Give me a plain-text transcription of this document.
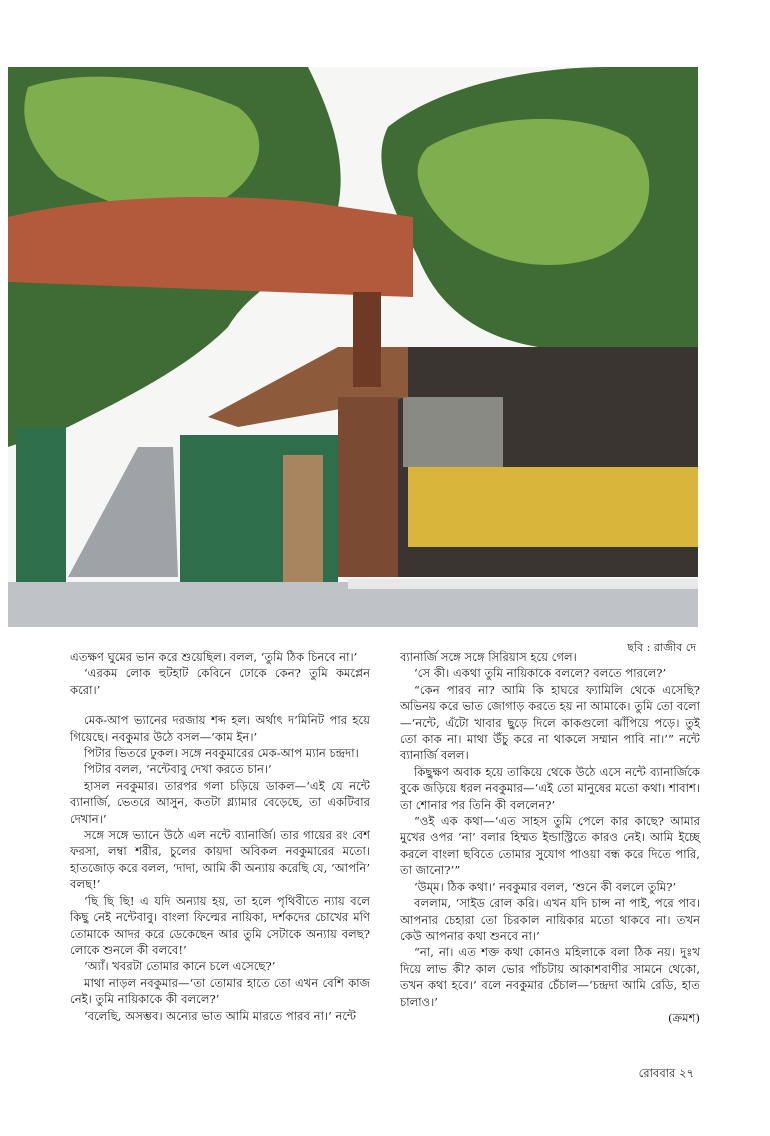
ছবি : রাজীব দে

এতক্ষণ ঘুমের ভান করে শুয়েছিল। বলল, ‘তুমি ঠিক চিনবে না।’

‘এরকম লোক হুটহাট কেবিনে ঢোকে কেন? তুমি কমপ্লেন করো।’

মেক-আপ ভ্যানের দরজায় শব্দ হল। অর্থাৎ দ’মিনিট পার হয়ে গিয়েছে। নবকুমার উঠে বসল—‘কাম ইন।’

পিটার ভিতরে ঢুকল। সঙ্গে নবকুমারের মেক-আপ ম্যান চন্দ্রদা।

পিটার বলল, ‘নন্টেবাবু দেখা করতে চান।’

হাসল নবকুমার। তারপর গলা চড়িয়ে ডাকল—‘এই যে নন্টে ব্যানার্জি, ভেতরে আসুন, কতটা গ্ল্যামার বেড়েছে, তা একটিবার দেখান।’

সঙ্গে সঙ্গে ভ্যানে উঠে এল নন্টে ব্যানার্জি। তার গায়ের রং বেশ ফরসা, লম্বা শরীর, চুলের কায়দা অবিকল নবকুমারের মতো। হাতজোড় করে বলল, ‘দাদা, আমি কী অন্যায় করেছি যে, ‘আপনি’ বলছ!’

‘ছি ছি ছি! এ যদি অন্যায় হয়, তা হলে পৃথিবীতে ন্যায় বলে কিছু নেই নন্টেবাবু। বাংলা ফিল্মের নায়িকা, দর্শকদের চোখের মণি তোমাকে আদর করে ডেকেছেন আর তুমি সেটাকে অন্যায় বলছ? লোকে শুনলে কী বলবে!’

‘অ্যাঁ। খবরটা তোমার কানে চলে এসেছে?’

মাথা নাড়ল নবকুমার—‘তা তোমার হাতে তো এখন বেশি কাজ নেই। তুমি নায়িকাকে কী বললে?’

‘বলেছি, অসম্ভব। অন্যের ভাত আমি মারতে পারব না।’ নন্টে

ব্যানার্জি সঙ্গে সঙ্গে সিরিয়াস হয়ে গেল।

‘সে কী। একথা তুমি নায়িকাকে বললে? বলতে পারলে?’

“কেন পারব না? আমি কি হাঘরে ফ্যামিলি থেকে এসেছি? অভিনয় করে ভাত জোগাড় করতে হয় না আমাকে। তুমি তো বলো—‘নন্টে, এঁটো খাবার ছুড়ে দিলে কাকগুলো ঝাঁপিয়ে পড়ে। তুই তো কাক না। মাথা উঁচু করে না থাকলে সম্মান পাবি না।’” নন্টে ব্যানার্জি বলল।

কিছুক্ষণ অবাক হয়ে তাকিয়ে থেকে উঠে এসে নন্টে ব্যানার্জিকে বুকে জড়িয়ে ধরল নবকুমার—‘এই তো মানুষের মতো কথা। শাবাশ। তা শোনার পর তিনি কী বললেন?’

“ওই এক কথা—‘এত সাহস তুমি পেলে কার কাছে? আমার মুখের ওপর ‘না’ বলার হিম্মত ইন্ডাস্ট্রিতে কারও নেই। আমি ইচ্ছে করলে বাংলা ছবিতে তোমার সুযোগ পাওয়া বন্ধ করে দিতে পারি, তা জানো?’”

‘উম্‌ম। ঠিক কথা।’ নবকুমার বলল, ‘শুনে কী বললে তুমি?’

বললাম, ‘সাইড রোল করি। এখন যদি চান্স না পাই, পরে পাব। আপনার চেহারা তো চিরকাল নায়িকার মতো থাকবে না। তখন কেউ আপনার কথা শুনবে না।’

“না, না। এত শক্ত কথা কোনও মহিলাকে বলা ঠিক নয়। দুঃখ দিয়ে লাভ কী? কাল ভোর পাঁচটায় আকাশবাণীর সামনে থেকো, তখন কথা হবে।’ বলে নবকুমার চেঁচাল—‘চন্দ্রদা আমি রেডি, হাত চালাও।’

(ক্রমশ)

রোববার ২৭
